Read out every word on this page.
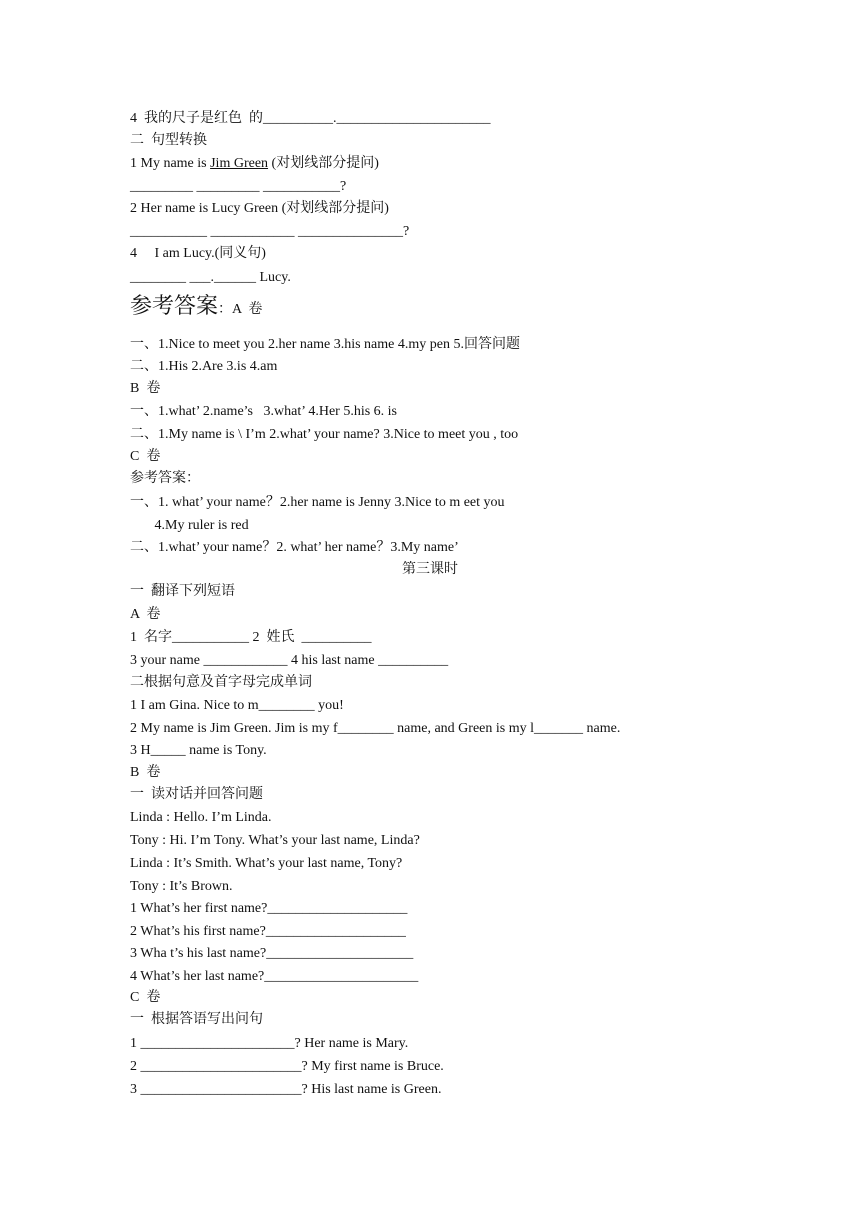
4  我的尺子是红色  的__________.______________________
二  句型转换
1 My name is Jim Green (对划线部分提问)
_________ _________ ___________?
2 Her name is Lucy Green (对划线部分提问)
___________ ____________ _______________?
4     I am Lucy.(同义句)
________ ___.______ Lucy.
参考答案：A  卷
一、1.Nice to meet you 2.her name 3.his name 4.my pen 5.回答问题
二、1.His 2.Are 3.is 4.am
B  卷
一、1.what’ 2.name’s   3.what’ 4.Her 5.his 6. is
二、1.My name is \ I’m 2.what’ your name? 3.Nice to meet you , too
C  卷
参考答案：
一、1. what’ your name？2.her name is Jenny 3.Nice to m eet you
4.My ruler is red
二、1.what’ your name？2. what’ her name？3.My name’
第三课时
一  翻译下列短语
A  卷
1  名字___________ 2  姓氏  __________
3 your name ____________ 4 his last name __________
二根据句意及首字母完成单词
1 I am Gina. Nice to m________ you!
2 My name is Jim Green. Jim is my f________ name, and Green is my l_______ name.
3 H_____ name is Tony.
B  卷
一  读对话并回答问题
Linda : Hello. I’m Linda.
Tony : Hi. I’m Tony. What’s your last name, Linda?
Linda : It’s Smith. What’s your last name, Tony?
Tony : It’s Brown.
1 What’s her first name?____________________
2 What’s his first name?____________________
3 Wha t’s his last name?_____________________
4 What’s her last name?______________________
C  卷
一  根据答语写出问句
1 ______________________? Her name is Mary.
2 _______________________? My first name is Bruce.
3 _______________________? His last name is Green.
